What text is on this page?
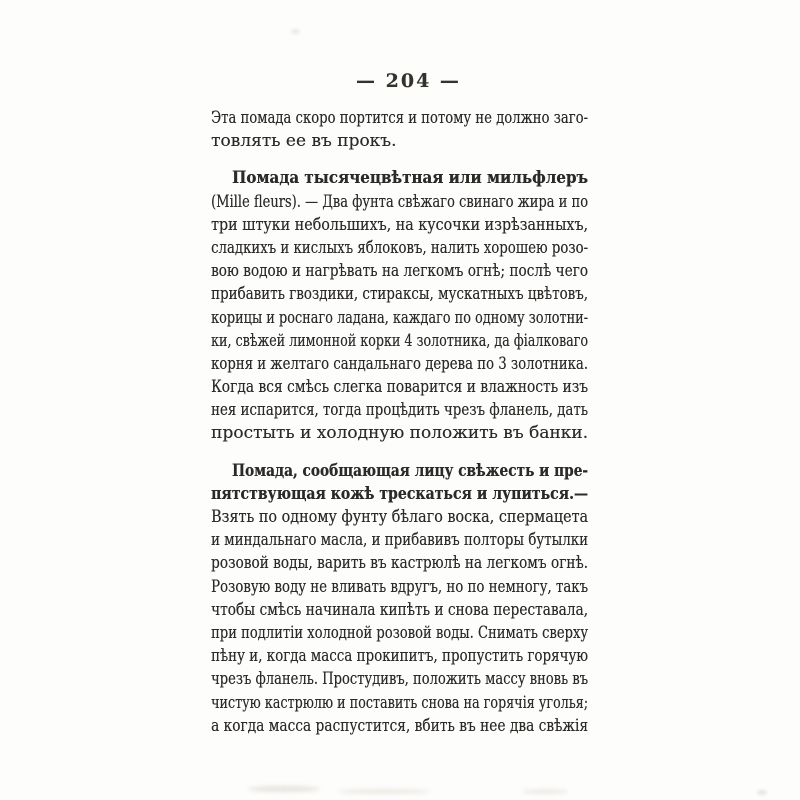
— 204 —
Эта помада скоро портится и потому не должно заго-
товлять ее въ прокъ.
Помада тысячецвѣтная или мильфлеръ
(Mille fleurs). — Два фунта свѣжаго свинаго жира и по
три штуки небольшихъ, на кусочки изрѣзанныхъ,
сладкихъ и кислыхъ яблоковъ, налить хорошею розо-
вою водою и нагрѣвать на легкомъ огнѣ; послѣ чего
прибавить гвоздики, стираксы, мускатныхъ цвѣтовъ,
корицы и роснаго ладана, каждаго по одному золотни-
ки, свѣжей лимонной корки 4 золотника, да фіалковаго
корня и желтаго сандальнаго дерева по 3 золотника.
Когда вся смѣсь слегка поварится и влажность изъ
нея испарится, тогда процѣдить чрезъ фланель, дать
простыть и холодную положить въ банки.
Помада, сообщающая лицу свѣжесть и пре-
пятствующая кожѣ трескаться и лупиться.—
Взять по одному фунту бѣлаго воска, спермацета
и миндальнаго масла, и прибавивъ полторы бутылки
розовой воды, варить въ кастрюлѣ на легкомъ огнѣ.
Розовую воду не вливать вдругъ, но по немногу, такъ
чтобы смѣсь начинала кипѣть и снова переставала,
при подлитіи холодной розовой воды. Снимать сверху
пѣну и, когда масса прокипитъ, пропустить горячую
чрезъ фланель. Простудивъ, положить массу вновь въ
чистую кастрюлю и поставить снова на горячія уголья;
а когда масса распустится, вбить въ нее два свѣжія
